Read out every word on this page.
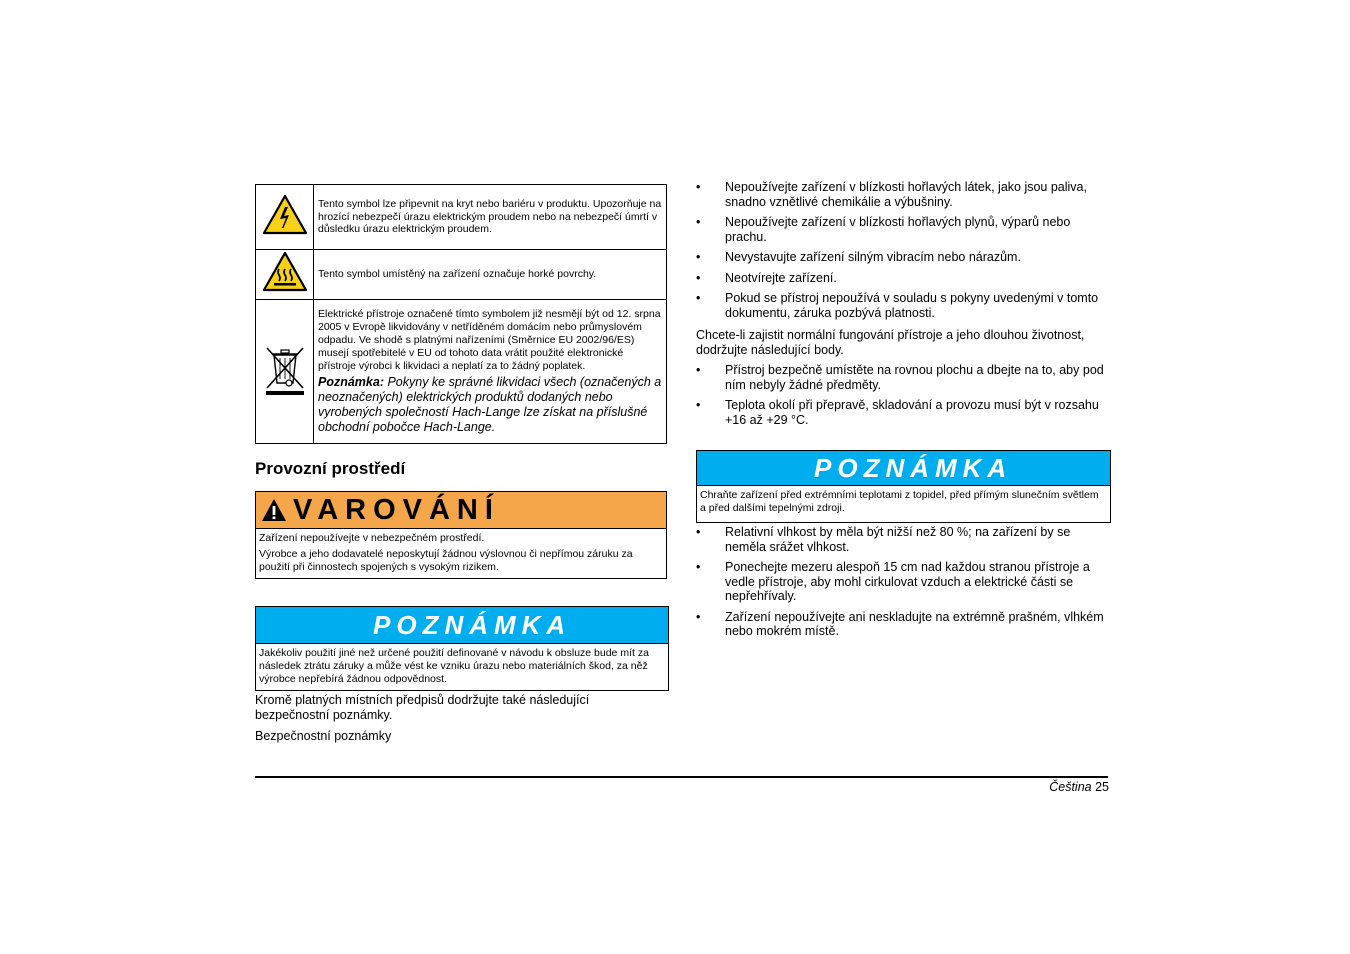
	Tento symbol lze připevnit na kryt nebo bariéru v produktu. Upozorňuje na hrozící nebezpečí úrazu elektrickým proudem nebo na nebezpečí úmrtí v důsledku úrazu elektrickým proudem.
	Tento symbol umístěný na zařízení označuje horké povrchy.

Elektrické přístroje označené tímto symbolem již nesmějí být od 12. srpna 2005 v Evropě likvidovány v netříděném domácím nebo průmyslovém odpadu. Ve shodě s platnými nařízeními (Směrnice EU 2002/96/ES) musejí spotřebitelé v EU od tohoto data vrátit použité elektronické přístroje výrobci k likvidaci a neplatí za to žádný poplatek.
Poznámka: Pokyny ke správné likvidaci všech (označených a neoznačených) elektrických produktů dodaných nebo vyrobených společností Hach-Lange lze získat na příslušné obchodní pobočce Hach-Lange.
Provozní prostředí
VAROVÁNÍ

Zařízení nepoužívejte v nebezpečném prostředí.

Výrobce a jeho dodavatelé neposkytují žádnou výslovnou či nepřímou záruku za použití při činnostech spojených s vysokým rizikem.

POZNÁMKA
Jakékoliv použití jiné než určené použití definované v návodu k obsluze bude mít za následek ztrátu záruky a může vést ke vzniku úrazu nebo materiálních škod, za něž výrobce nepřebírá žádnou odpovědnost.

Kromě platných místních předpisů dodržujte také následující bezpečnostní poznámky.

Bezpečnostní poznámky

• Nepoužívejte zařízení v blízkosti hořlavých látek, jako jsou paliva, snadno vznětlivé chemikálie a výbušniny.
• Nepoužívejte zařízení v blízkosti hořlavých plynů, výparů nebo prachu.
• Nevystavujte zařízení silným vibracím nebo nárazům.
• Neotvírejte zařízení.
• Pokud se přístroj nepoužívá v souladu s pokyny uvedenými v tomto dokumentu, záruka pozbývá platnosti.

Chcete-li zajistit normální fungování přístroje a jeho dlouhou životnost, dodržujte následující body.

• Přístroj bezpečně umístěte na rovnou plochu a dbejte na to, aby pod ním nebyly žádné předměty.
• Teplota okolí při přepravě, skladování a provozu musí být v rozsahu +16 až +29 °C.
POZNÁMKA
Chraňte zařízení před extrémními teplotami z topidel, před přímým slunečním světlem a před dalšími tepelnými zdroji.
• Relativní vlhkost by měla být nižší než 80 %; na zařízení by se neměla srážet vlhkost.
• Ponechejte mezeru alespoň 15 cm nad každou stranou přístroje a vedle přístroje, aby mohl cirkulovat vzduch a elektrické části se nepřehřívaly.
• Zařízení nepoužívejte ani neskladujte na extrémně prašném, vlhkém nebo mokrém místě.
Čeština 25
